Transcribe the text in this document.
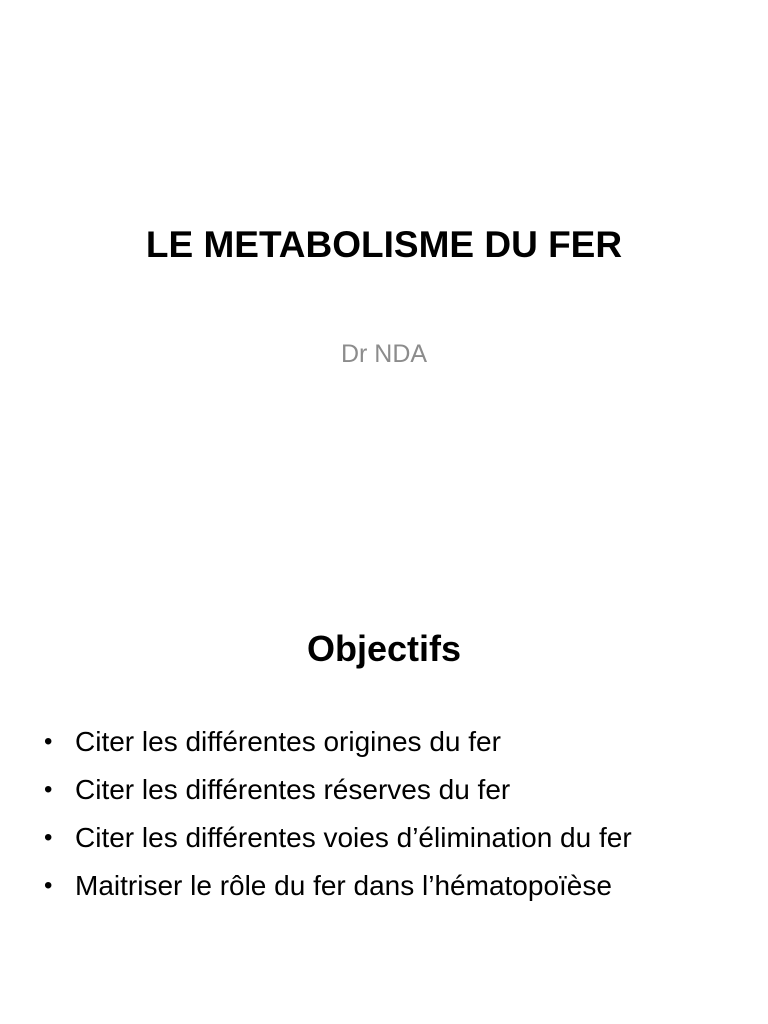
LE METABOLISME DU FER
Dr NDA
Objectifs
• Citer les différentes origines du fer
• Citer les différentes réserves du fer
• Citer les différentes voies d’élimination du fer
• Maitriser le rôle du fer dans l’hématopoïèse
